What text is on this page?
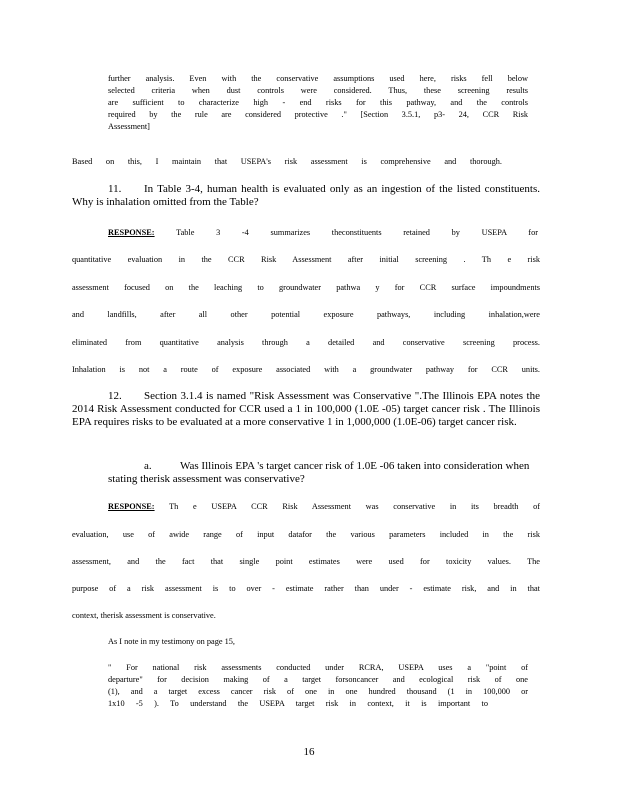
further analysis. Even with the conservative assumptions used here, risks fell below
selected criteria when dust controls were considered. Thus, these screening results
are sufficient to characterize high - end risks for this pathway, and the controls
required by the rule are considered protective ." [Section 3.5.1, p3- 24, CCR Risk
Assessment]
Based on this, I maintain that USEPA's risk assessment is comprehensive and thorough.
11. In Table 3-4, human health is evaluated only as an ingestion of the listed constituents. Why is inhalation omitted from the Table?
RESPONSE:	Table 3 -4 summarizes theconstituents retained by USEPA for
quantitative evaluation in the CCR Risk Assessment after initial screening . Th e risk
assessment focused on the leaching to groundwater pathwa y for CCR surface impoundments
and landfills, after all other potential exposure pathways, including inhalation,were
eliminated from quantitative analysis through a detailed and conservative screening process.
Inhalation is not a route of exposure associated with a groundwater pathway for CCR units.
12. Section 3.1.4 is named "Risk Assessment was Conservative ".The Illinois EPA notes the 2014 Risk Assessment conducted for CCR used a 1 in 100,000 (1.0E -05) target cancer risk . The Illinois EPA requires risks to be evaluated at a more conservative 1 in 1,000,000 (1.0E-06) target cancer risk.
a.	Was Illinois EPA 's target cancer risk of 1.0E -06 taken into consideration when stating therisk assessment was conservative?
RESPONSE: Th e USEPA CCR Risk Assessment was conservative in its breadth of
evaluation, use of awide range of input datafor the various parameters included in the risk
assessment, and the fact that single point estimates were used for toxicity values. The
purpose of a risk assessment is to over - estimate rather than under - estimate risk, and in that
context, therisk assessment is conservative.
As I note in my testimony on page 15,
" For national risk assessments conducted under RCRA, USEPA uses a "point of
departure" for decision making of a target forsoncancer and ecological risk of one
(1), and a target excess cancer risk of one in one hundred thousand (1 in 100,000 or
1x10 -5 ). To understand the USEPA target risk in context, it is important to
16
